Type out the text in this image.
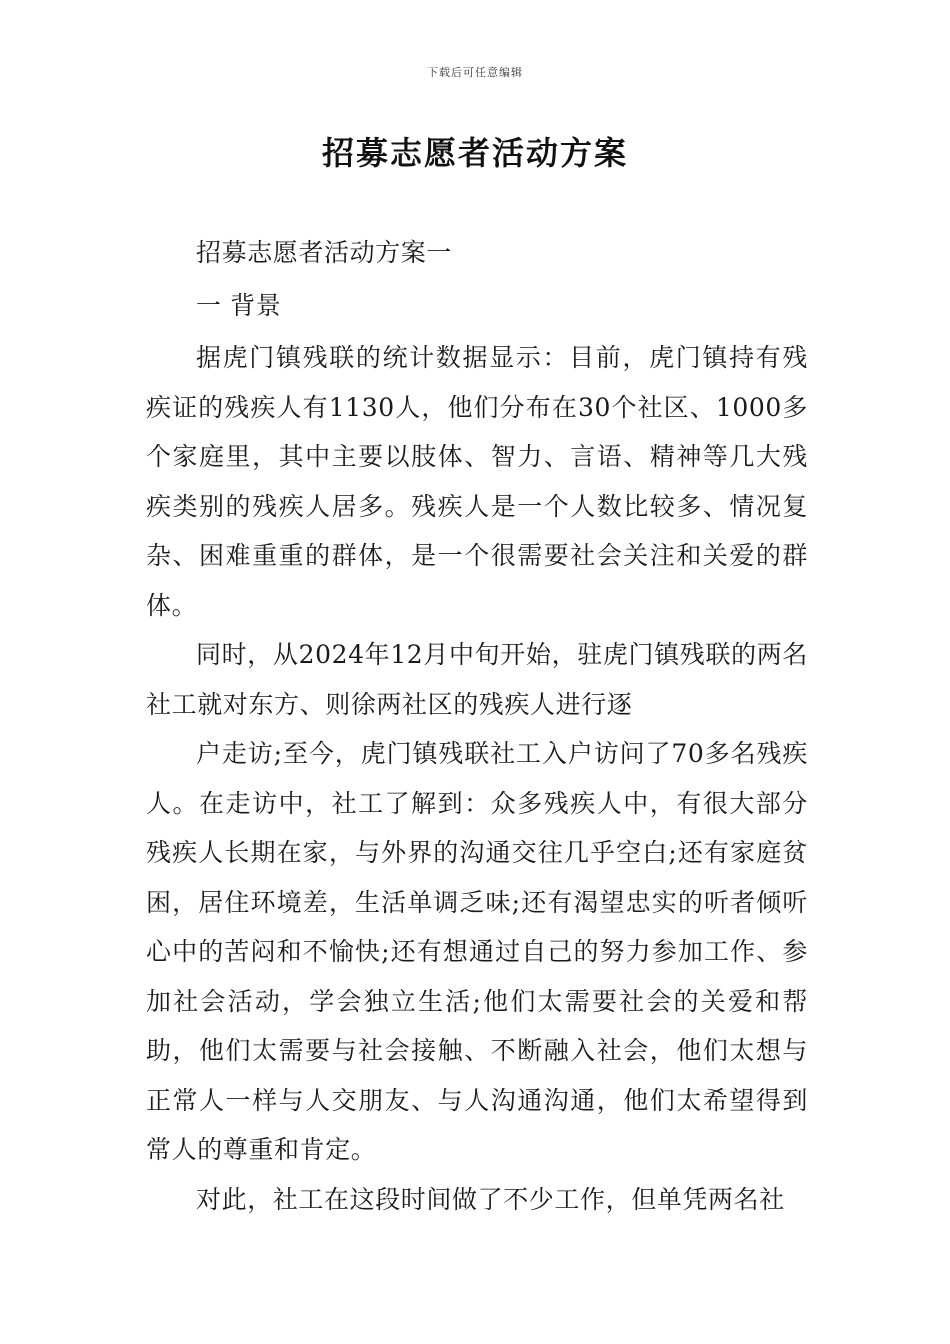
下载后可任意编辑
招募志愿者活动方案

招募志愿者活动方案一

一 背景

据虎门镇残联的统计数据显示：目前，虎门镇持有残疾证的残疾人有1130人，他们分布在30个社区、1000多个家庭里，其中主要以肢体、智力、言语、精神等几大残疾类别的残疾人居多。残疾人是一个人数比较多、情况复杂、困难重重的群体，是一个很需要社会关注和关爱的群体。

同时，从2024年12月中旬开始，驻虎门镇残联的两名社工就对东方、则徐两社区的残疾人进行逐

户走访;至今，虎门镇残联社工入户访问了70多名残疾人。在走访中，社工了解到：众多残疾人中，有很大部分残疾人长期在家，与外界的沟通交往几乎空白;还有家庭贫困，居住环境差，生活单调乏味;还有渴望忠实的听者倾听心中的苦闷和不愉快;还有想通过自己的努力参加工作、参加社会活动，学会独立生活;他们太需要社会的关爱和帮助，他们太需要与社会接触、不断融入社会，他们太想与正常人一样与人交朋友、与人沟通沟通，他们太希望得到常人的尊重和肯定。

对此，社工在这段时间做了不少工作，但单凭两名社
